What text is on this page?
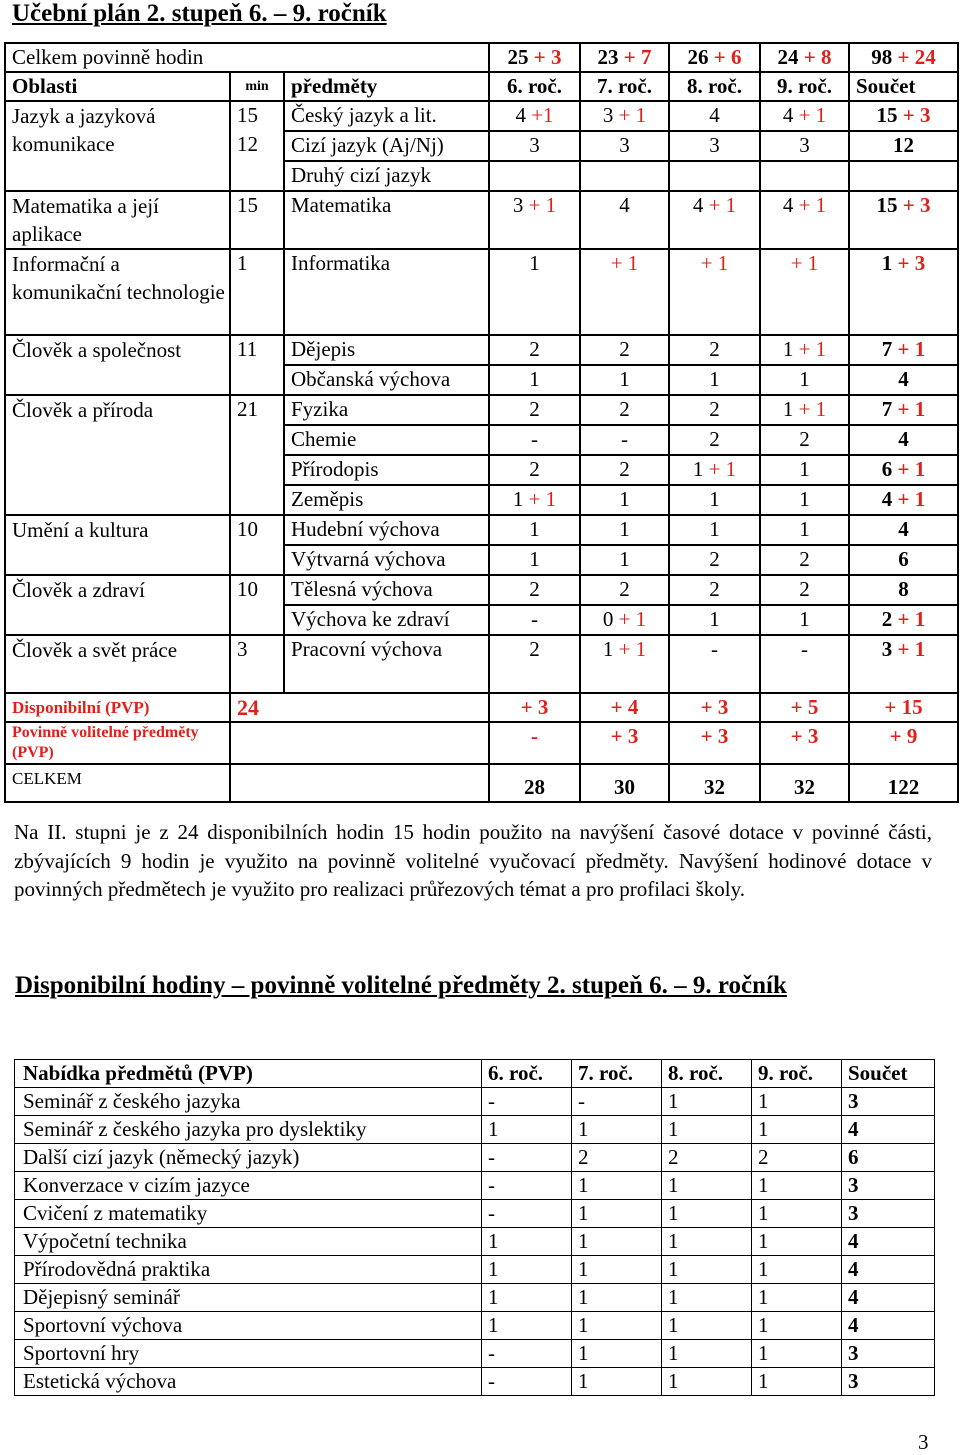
Učební plán 2. stupeň 6. – 9. ročník
Celkem povinně hodin			25 + 3	23 + 7	26 + 6	24 + 8	98 + 24
Oblasti	min	předměty	6. roč.	7. roč.	8. roč.	9. roč.	Součet
Jazyk a jazyková komunikace	15	Český jazyk a lit.	4 +1	3 + 1	4	4 + 1	15 + 3
	12	Cizí jazyk (Aj/Nj)	3	3	3	3	12
		Druhý cizí jazyk					
Matematika a její aplikace	15	Matematika	3 + 1	4	4 + 1	4 + 1	15 + 3
Informační a komunikační technologie	1	Informatika	1	+ 1	+ 1	+ 1	1 + 3
Člověk a společnost	11	Dějepis	2	2	2	1 + 1	7 + 1
		Občanská výchova	1	1	1	1	4
Člověk a příroda	21	Fyzika	2	2	2	1 + 1	7 + 1
		Chemie	-	-	2	2	4
		Přírodopis	2	2	1 + 1	1	6 + 1
		Zeměpis	1 + 1	1	1	1	4 + 1
Umění a kultura	10	Hudební výchova	1	1	1	1	4
		Výtvarná výchova	1	1	2	2	6
Člověk a zdraví	10	Tělesná výchova	2	2	2	2	8
		Výchova ke zdraví	-	0 + 1	1	1	2 + 1
Člověk a svět práce	3	Pracovní výchova	2	1 + 1	-	-	3 + 1
Disponibilní (PVP)	24		+ 3	+ 4	+ 3	+ 5	+ 15
Povinně volitelné předměty (PVP)			-	+ 3	+ 3	+ 3	+ 9
CELKEM			28	30	32	32	122
Na II. stupni je z 24 disponibilních hodin 15 hodin použito na navýšení časové dotace v povinné části, zbývajících 9 hodin je využito na povinně volitelné vyučovací předměty. Navýšení hodinové dotace v povinných předmětech je využito pro realizaci průřezových témat a pro profilaci školy.
Disponibilní hodiny – povinně volitelné předměty 2. stupeň 6. – 9. ročník
Nabídka předmětů (PVP)	6. roč.	7. roč.	8. roč.	9. roč.	Součet
Seminář z českého jazyka	-	-	1	1	3
Seminář z českého jazyka pro dyslektiky	1	1	1	1	4
Další cizí jazyk (německý jazyk)	-	2	2	2	6
Konverzace v cizím jazyce	-	1	1	1	3
Cvičení z matematiky	-	1	1	1	3
Výpočetní technika	1	1	1	1	4
Přírodovědná praktika	1	1	1	1	4
Dějepisný seminář	1	1	1	1	4
Sportovní výchova	1	1	1	1	4
Sportovní hry	-	1	1	1	3
Estetická výchova	-	1	1	1	3
3
